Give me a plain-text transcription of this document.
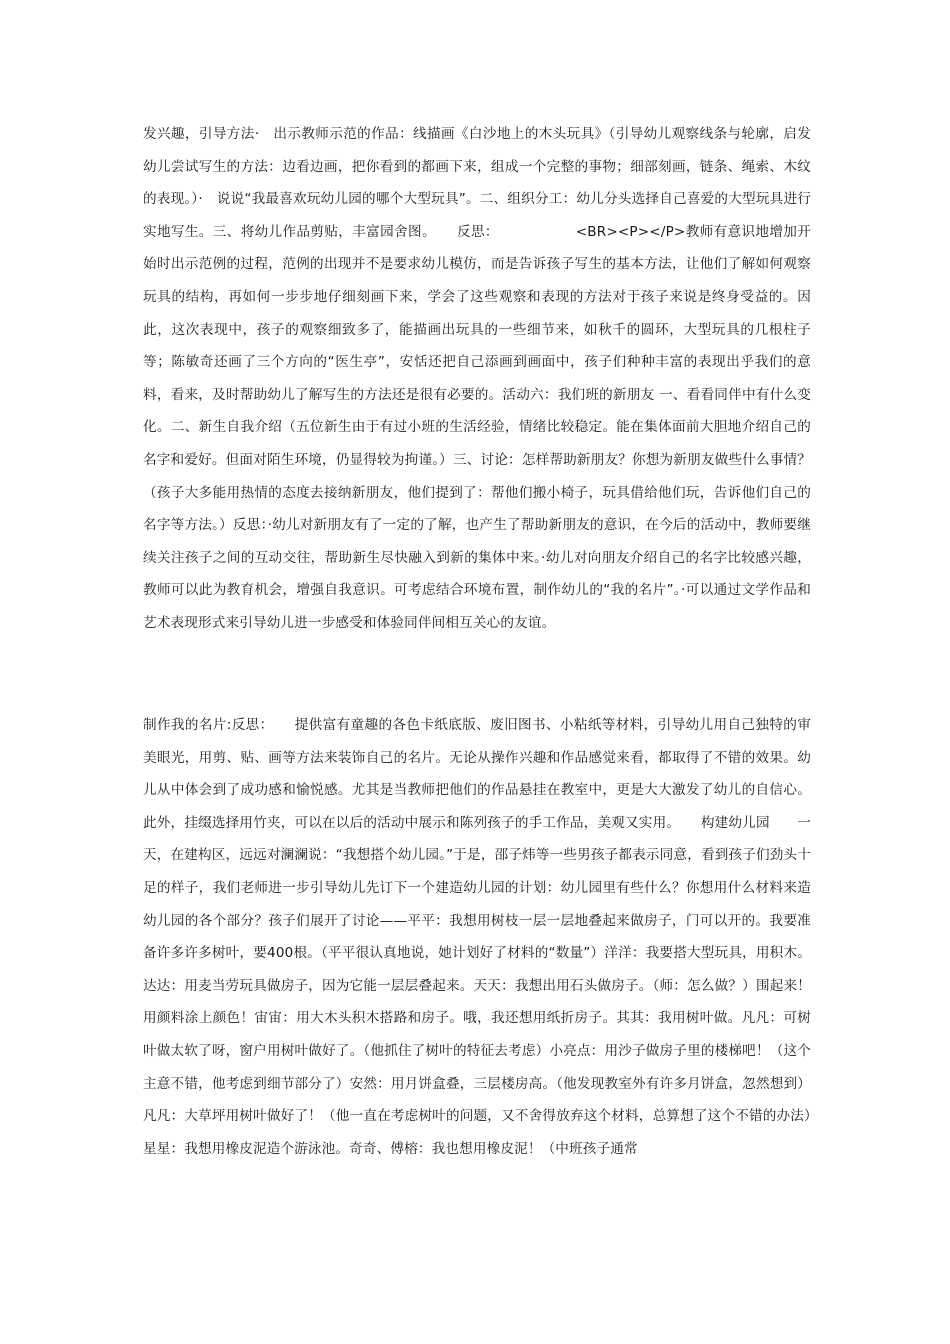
发兴趣，引导方法·　出示教师示范的作品：线描画《白沙地上的木头玩具》（引导幼儿观察线条与轮廓，启发幼儿尝试写生的方法：边看边画，把你看到的都画下来，组成一个完整的事物；细部刻画，链条、绳索、木纹的表现。）·　说说“我最喜欢玩幼儿园的哪个大型玩具”。二、组织分工：幼儿分头选择自己喜爱的大型玩具进行实地写生。三、将幼儿作品剪贴，丰富园舍图。　　反思：　　　　　　<BR><P></P>教师有意识地增加开始时出示范例的过程，范例的出现并不是要求幼儿模仿，而是告诉孩子写生的基本方法，让他们了解如何观察玩具的结构，再如何一步步地仔细刻画下来，学会了这些观察和表现的方法对于孩子来说是终身受益的。因此，这次表现中，孩子的观察细致多了，能描画出玩具的一些细节来，如秋千的圆环，大型玩具的几根柱子等；陈敏奇还画了三个方向的“医生亭”，安恬还把自己添画到画面中，孩子们种种丰富的表现出乎我们的意料，看来，及时帮助幼儿了解写生的方法还是很有必要的。活动六：我们班的新朋友 一、看看同伴中有什么变化。二、新生自我介绍（五位新生由于有过小班的生活经验，情绪比较稳定。能在集体面前大胆地介绍自己的名字和爱好。但面对陌生环境，仍显得较为拘谨。）三、讨论：怎样帮助新朋友？你想为新朋友做些什么事情？（孩子大多能用热情的态度去接纳新朋友，他们提到了：帮他们搬小椅子，玩具借给他们玩，告诉他们自己的名字等方法。）反思：·幼儿对新朋友有了一定的了解，也产生了帮助新朋友的意识，在今后的活动中，教师要继续关注孩子之间的互动交往，帮助新生尽快融入到新的集体中来。·幼儿对向朋友介绍自己的名字比较感兴趣，教师可以此为教育机会，增强自我意识。可考虑结合环境布置，制作幼儿的“我的名片”。·可以通过文学作品和艺术表现形式来引导幼儿进一步感受和体验同伴间相互关心的友谊。

制作我的名片:反思：　　提供富有童趣的各色卡纸底版、废旧图书、小粘纸等材料，引导幼儿用自己独特的审美眼光，用剪、贴、画等方法来装饰自己的名片。无论从操作兴趣和作品感觉来看，都取得了不错的效果。幼儿从中体会到了成功感和愉悦感。尤其是当教师把他们的作品悬挂在教室中，更是大大激发了幼儿的自信心。此外，挂缀选择用竹夹，可以在以后的活动中展示和陈列孩子的手工作品，美观又实用。　　构建幼儿园　　一天，在建构区，远远对澜澜说：“我想搭个幼儿园。”于是，邵子炜等一些男孩子都表示同意，看到孩子们劲头十足的样子，我们老师进一步引导幼儿先订下一个建造幼儿园的计划：幼儿园里有些什么？你想用什么材料来造幼儿园的各个部分？孩子们展开了讨论——平平：我想用树枝一层一层地叠起来做房子，门可以开的。我要准备许多许多树叶，要400根。（平平很认真地说，她计划好了材料的“数量”）洋洋：我要搭大型玩具，用积木。达达：用麦当劳玩具做房子，因为它能一层层叠起来。天天：我想出用石头做房子。（师：怎么做？）围起来！用颜料涂上颜色！宙宙：用大木头积木搭路和房子。哦，我还想用纸折房子。其其：我用树叶做。凡凡：可树叶做太软了呀，窗户用树叶做好了。（他抓住了树叶的特征去考虑）小亮点：用沙子做房子里的楼梯吧！（这个主意不错，他考虑到细节部分了）安然：用月饼盒叠，三层楼房高。（他发现教室外有许多月饼盒，忽然想到）凡凡：大草坪用树叶做好了！（他一直在考虑树叶的问题，又不舍得放弃这个材料，总算想了这个不错的办法）星星：我想用橡皮泥造个游泳池。奇奇、傅榕：我也想用橡皮泥！（中班孩子通常
